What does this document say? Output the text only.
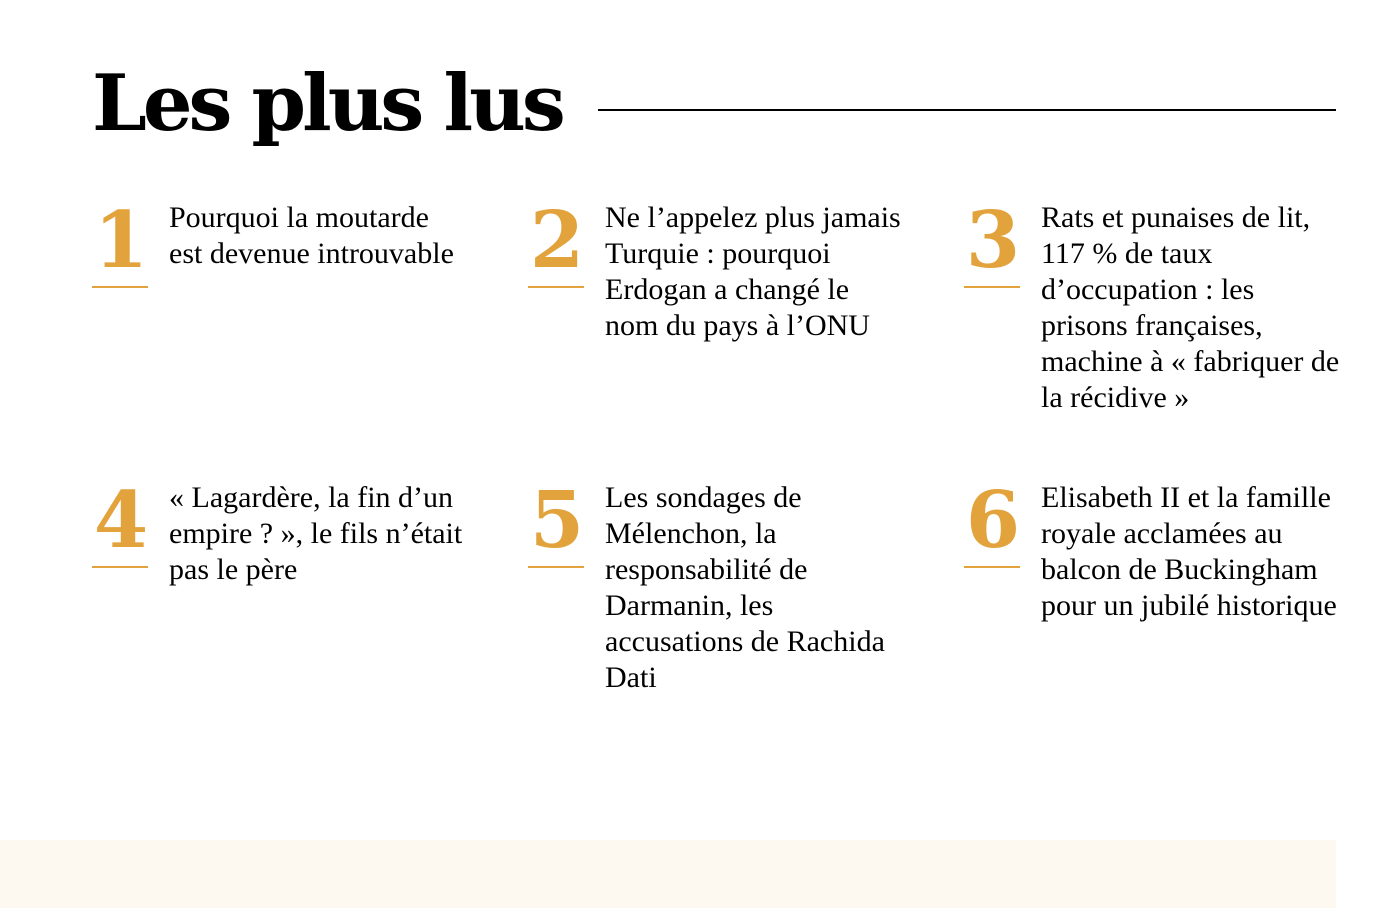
Les plus lus
1 Pourquoi la moutarde est devenue introuvable 2 Ne l’appelez plus jamais Turquie : pourquoi Erdogan a changé le nom du pays à l’ONU
3 Rats et punaises de lit, 117 % de taux d’occupation : les prisons françaises, machine à « fabriquer de la récidive »
4 « Lagardère, la fin d’un empire ? », le fils n’était pas le père
5 Les sondages de Mélenchon, la responsabilité de Darmanin, les accusations de Rachida Dati
6 Elisabeth II et la famille royale acclamées au balcon de Buckingham pour un jubilé historique
